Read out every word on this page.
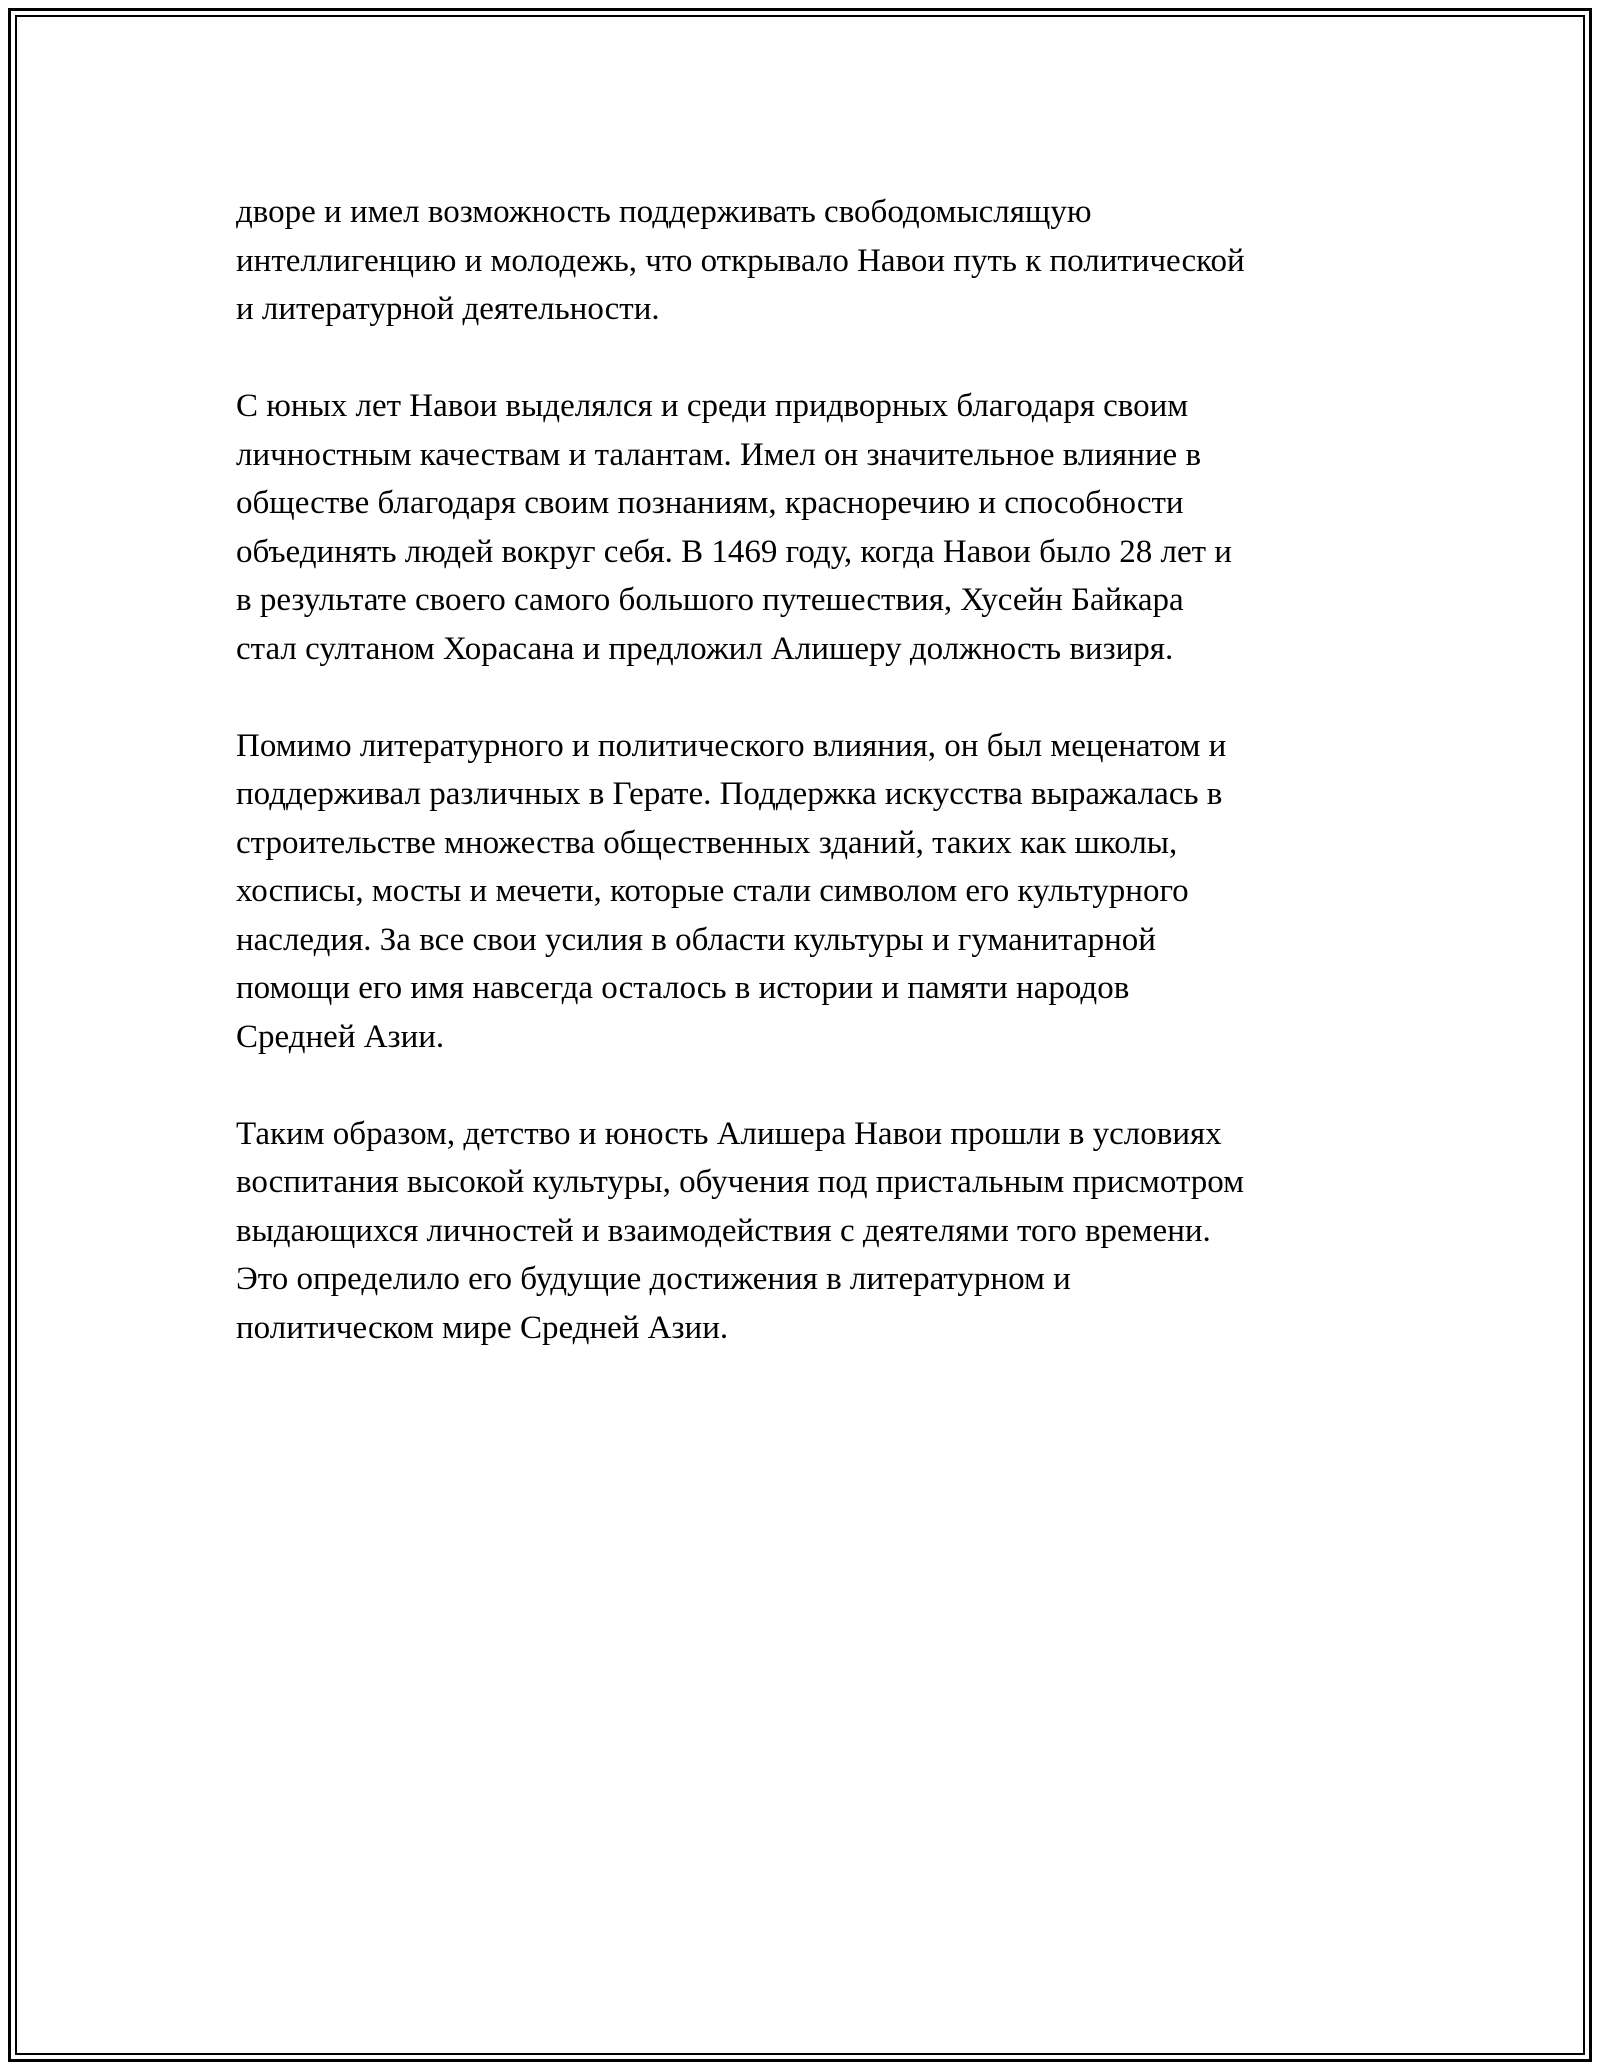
дворе и имел возможность поддерживать свободомыслящую
интеллигенцию и молодежь, что открывало Навои путь к политической
и литературной деятельности.

С юных лет Навои выделялся и среди придворных благодаря своим
личностным качествам и талантам. Имел он значительное влияние в
обществе благодаря своим познаниям, красноречию и способности
объединять людей вокруг себя. В 1469 году, когда Навои было 28 лет и
в результате своего самого большого путешествия, Хусейн Байкара
стал султаном Хорасана и предложил Алишеру должность визиря.

Помимо литературного и политического влияния, он был меценатом и
поддерживал различных в Герате. Поддержка искусства выражалась в
строительстве множества общественных зданий, таких как школы,
хосписы, мосты и мечети, которые стали символом его культурного
наследия. За все свои усилия в области культуры и гуманитарной
помощи его имя навсегда осталось в истории и памяти народов
Средней Азии.

Таким образом, детство и юность Алишера Навои прошли в условиях
воспитания высокой культуры, обучения под пристальным присмотром
выдающихся личностей и взаимодействия с деятелями того времени.
Это определило его будущие достижения в литературном и
политическом мире Средней Азии.
